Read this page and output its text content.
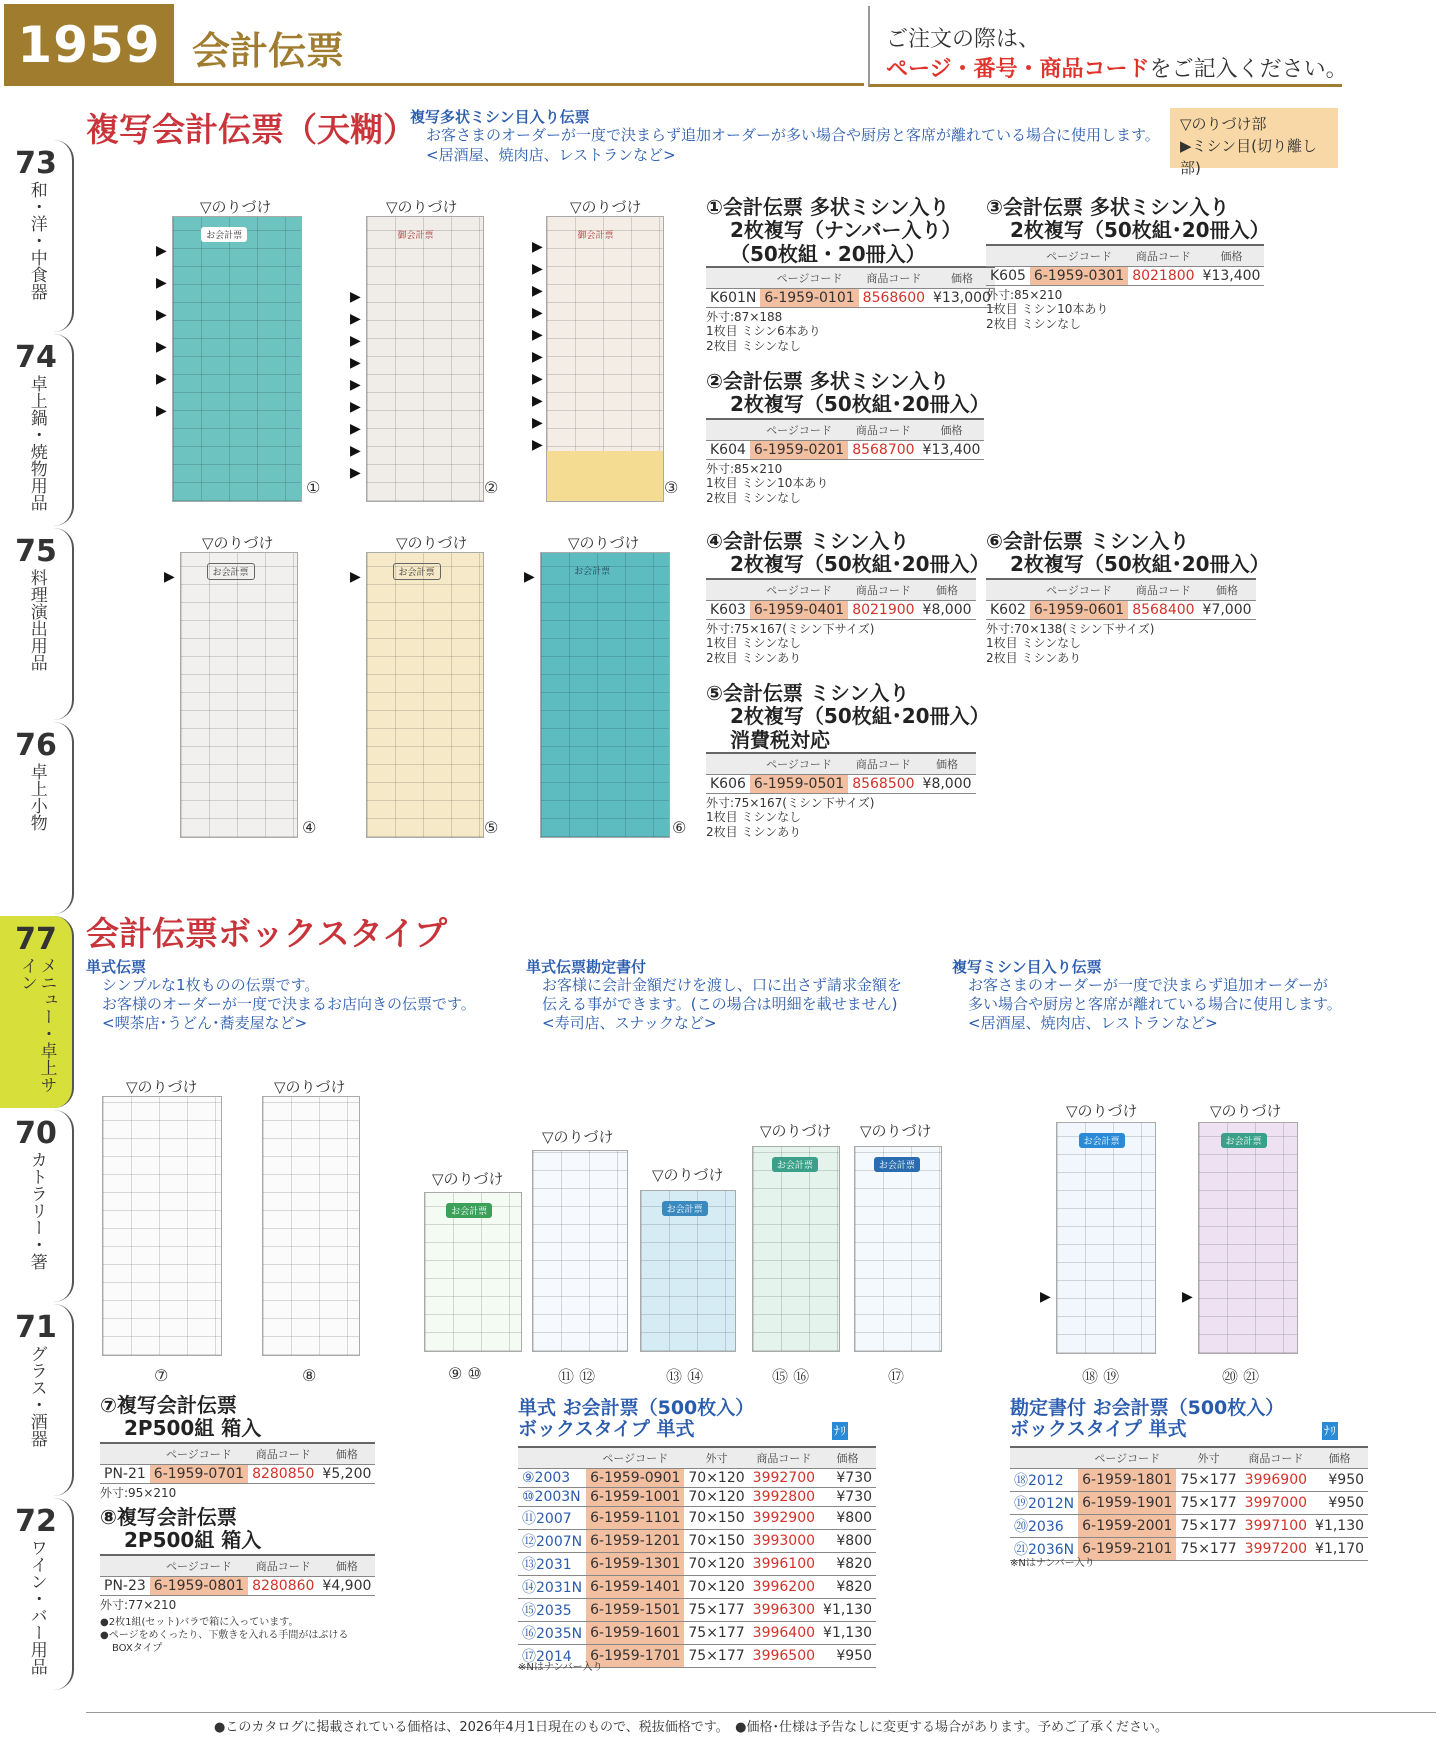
1959 会計伝票	ご注文の際は、
ページ・番号・商品コードをご記入ください。
73
和・洋・中食器
74
卓上鍋・焼物用品
75
料理演出用品
76
卓上小物
77
メニュー・卓上サイン
70
カトラリー・箸
71
グラス・酒器
72
ワイン・バー用品
複写会計伝票（天糊）
複写多状ミシン目入り伝票
お客さまのオーダーが一度で決まらず追加オーダーが多い場合や厨房と客席が離れている場合に使用します。
<居酒屋、焼肉店、レストランなど>
▽のりづけ部
▶ミシン目(切り離し部)
▽のりづけ
お会計票
①
▽のりづけ
御会計票
②
▽のりづけ
御会計票
③
▶
▶
▶
▶
▶
▶
▶
▶
▶
▶
▶
▶
▶
▶
▶
▶
▶
▶
▶
▶
▶
▶
▶
▶
▶
▽のりづけ
お会計票
▶
④
▽のりづけ
お会計票
▶
⑤
▽のりづけ
お会計票
▶
⑥
①会計伝票 多状ミシン入り
2枚複写（ナンバー入り）
（50枚組・20冊入）
	ページコード	商品コード	価格
K601N	6-1959-0101	8568600	¥13,000
外寸:87×188
1枚目 ミシン6本あり
2枚目 ミシンなし
②会計伝票 多状ミシン入り
2枚複写（50枚組･20冊入）
	ページコード	商品コード	価格
K604	6-1959-0201	8568700	¥13,400
外寸:85×210
1枚目 ミシン10本あり
2枚目 ミシンなし
③会計伝票 多状ミシン入り
2枚複写（50枚組･20冊入）
	ページコード	商品コード	価格
K605	6-1959-0301	8021800	¥13,400
外寸:85×210
1枚目 ミシン10本あり
2枚目 ミシンなし
④会計伝票 ミシン入り
2枚複写（50枚組･20冊入）
	ページコード	商品コード	価格
K603	6-1959-0401	8021900	¥8,000
外寸:75×167(ミシン下サイズ)
1枚目 ミシンなし
2枚目 ミシンあり
⑤会計伝票 ミシン入り
2枚複写（50枚組･20冊入）
消費税対応
	ページコード	商品コード	価格
K606	6-1959-0501	8568500	¥8,000
外寸:75×167(ミシン下サイズ)
1枚目 ミシンなし
2枚目 ミシンあり
⑥会計伝票 ミシン入り
2枚複写（50枚組･20冊入）
	ページコード	商品コード	価格
K602	6-1959-0601	8568400	¥7,000
外寸:70×138(ミシン下サイズ)
1枚目 ミシンなし
2枚目 ミシンあり
会計伝票ボックスタイプ
単式伝票
シンプルな1枚ものの伝票です。
お客様のオーダーが一度で決まるお店向きの伝票です。
<喫茶店･うどん･蕎麦屋など>
単式伝票勘定書付
お客様に会計金額だけを渡し、口に出さず請求金額を
伝える事ができます。(この場合は明細を載せません)
<寿司店、スナックなど>
複写ミシン目入り伝票
お客さまのオーダーが一度で決まらず追加オーダーが
多い場合や厨房と客席が離れている場合に使用します。
<居酒屋、焼肉店、レストランなど>
▽のりづけ
⑦
▽のりづけ
⑧
▽のりづけ
お会計票
⑨ ⑩
▽のりづけ
⑪ ⑫
▽のりづけ
お会計票
⑬ ⑭
▽のりづけ
お会計票
⑮ ⑯
▽のりづけ
お会計票
⑰
▽のりづけ
お会計票
▶
⑱ ⑲
▽のりづけ
お会計票
▶
⑳ ㉑
⑦複写会計伝票
2P500組 箱入
	ページコード	商品コード	価格
PN-21	6-1959-0701	8280850	¥5,200
外寸:95×210
⑧複写会計伝票
2P500組 箱入
	ページコード	商品コード	価格
PN-23	6-1959-0801	8280860	¥4,900
外寸:77×210
●2枚1組(セット)バラで箱に入っています。
●ページをめくったり、下敷きを入れる手間がはぶける
BOXタイプ
単式 お会計票（500枚入）
ボックスタイプ 単式	ﾅﾘ
	ページコード	外寸	商品コード	価格
⑨2003	6-1959-0901	70×120	3992700	¥730
⑩2003N	6-1959-1001	70×120	3992800	¥730
⑪2007	6-1959-1101	70×150	3992900	¥800
⑫2007N	6-1959-1201	70×150	3993000	¥800
⑬2031	6-1959-1301	70×120	3996100	¥820
⑭2031N	6-1959-1401	70×120	3996200	¥820
⑮2035	6-1959-1501	75×177	3996300	¥1,130
⑯2035N	6-1959-1601	75×177	3996400	¥1,130
⑰2014	6-1959-1701	75×177	3996500	¥950
※Nはナンバー入り
勘定書付 お会計票（500枚入）
ボックスタイプ 単式	ﾅﾘ
	ページコード	外寸	商品コード	価格
⑱2012	6-1959-1801	75×177	3996900	¥950
⑲2012N	6-1959-1901	75×177	3997000	¥950
⑳2036	6-1959-2001	75×177	3997100	¥1,130
㉑2036N	6-1959-2101	75×177	3997200	¥1,170
※Nはナンバー入り
●このカタログに掲載されている価格は、2026年4月1日現在のもので、税抜価格です。　●価格･仕様は予告なしに変更する場合があります。予めご了承ください。
